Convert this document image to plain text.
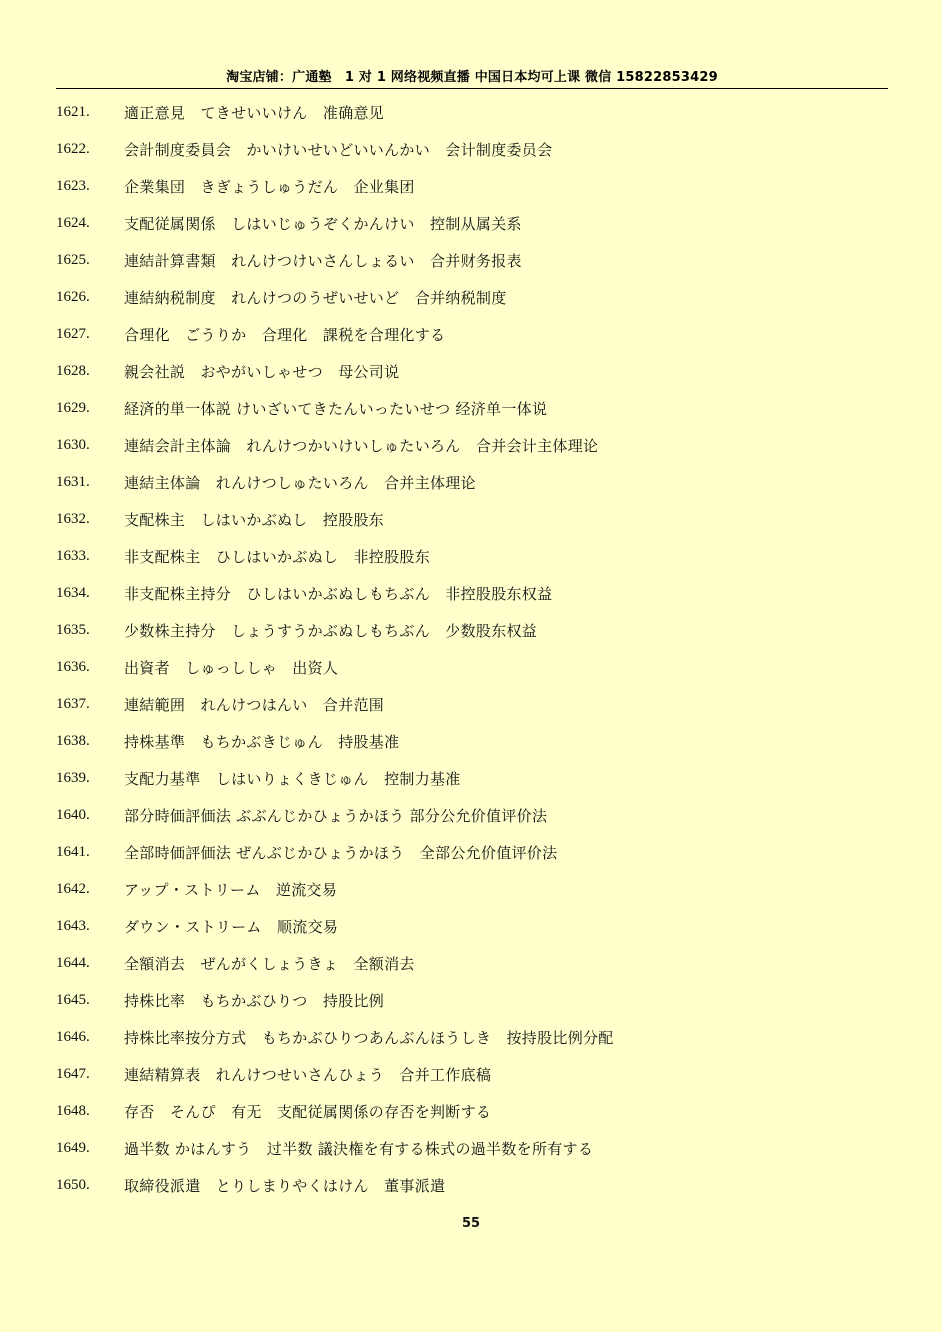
淘宝店铺：广通塾　1 对 1 网络视频直播 中国日本均可上课 微信 15822853429
1621.	適正意見　てきせいいけん　准确意见
1622.	会計制度委員会　かいけいせいどいいんかい　会计制度委员会
1623.	企業集団　きぎょうしゅうだん　企业集团
1624.	支配従属関係　しはいじゅうぞくかんけい　控制从属关系
1625.	連結計算書類　れんけつけいさんしょるい　合并财务报表
1626.	連結納税制度　れんけつのうぜいせいど　合并纳税制度
1627.	合理化　ごうりか　合理化　課税を合理化する
1628.	親会社説　おやがいしゃせつ　母公司说
1629.	経済的単一体説 けいざいてきたんいったいせつ 经济单一体说
1630.	連結会計主体論　れんけつかいけいしゅたいろん　合并会计主体理论
1631.	連結主体論　れんけつしゅたいろん　合并主体理论
1632.	支配株主　しはいかぶぬし　控股股东
1633.	非支配株主　ひしはいかぶぬし　非控股股东
1634.	非支配株主持分　ひしはいかぶぬしもちぶん　非控股股东权益
1635.	少数株主持分　しょうすうかぶぬしもちぶん　少数股东权益
1636.	出資者　しゅっししゃ　出资人
1637.	連結範囲　れんけつはんい　合并范围
1638.	持株基準　もちかぶきじゅん　持股基准
1639.	支配力基準　しはいりょくきじゅん　控制力基准
1640.	部分時価評価法 ぶぶんじかひょうかほう 部分公允价值评价法
1641.	全部時価評価法 ぜんぶじかひょうかほう　全部公允价值评价法
1642.	アップ・ストリーム　逆流交易
1643.	ダウン・ストリーム　顺流交易
1644.	全額消去　ぜんがくしょうきょ　全额消去
1645.	持株比率　もちかぶひりつ　持股比例
1646.	持株比率按分方式　もちかぶひりつあんぶんほうしき　按持股比例分配
1647.	連結精算表　れんけつせいさんひょう　合并工作底稿
1648.	存否　そんぴ　有无　支配従属関係の存否を判断する
1649.	過半数 かはんすう　过半数 議決権を有する株式の過半数を所有する
1650.	取締役派遣　とりしまりやくはけん　董事派遣
55
